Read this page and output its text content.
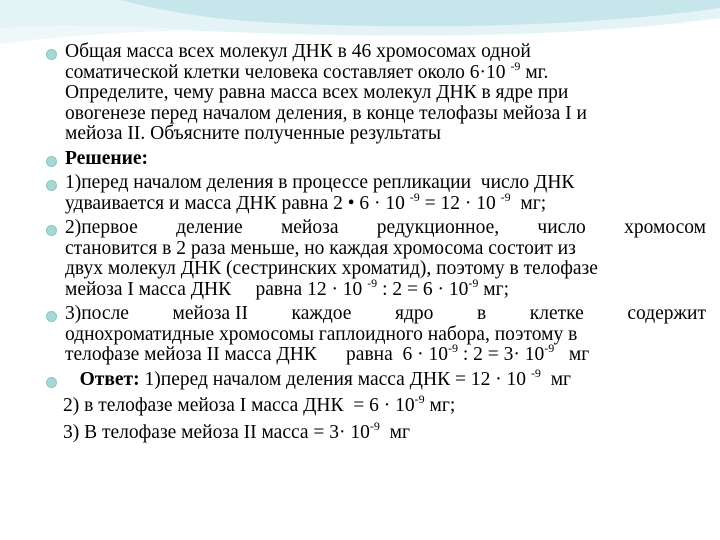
Общая масса всех молекул ДНК в 46 хромосомах одной
соматической клетки человека составляет около 6·10 $^{-9}$ мг.
Определите, чему равна масса всех молекул ДНК в ядре при
овогенезе перед началом деления, в конце телофазы мейоза I и
мейоза II. Объясните полученные результаты
Решение:
1)перед началом деления в процессе репликации  число ДНК
удваивается и масса ДНК равна 2 • 6 · 10 $^{-9}$ = 12 · 10 $^{-9}$  мг;
2)первое деление мейоза редукционное, число хромосом
становится в 2 раза меньше, но каждая хромосома состоит из
двух молекул ДНК (сестринских хроматид), поэтому в телофазе
мейоза I масса ДНК     равна 12 · 10 $^{-9}$ : $2 = 6 \cdot 10^{-9}$ мг;
3)после мейоза II каждое ядро в клетке содержит
однохроматидные хромосомы гаплоидного набора, поэтому в
телофазе мейоза II масса ДНК      равна  $6 \cdot 10^{-9}$ : $2 = 3\cdot 10^{-9}$   мг
Ответ: 1)перед началом деления масса ДНК = 12 · 10 $^{-9}$  мг
2) в телофазе мейоза I масса ДНК  = $6 \cdot 10^{-9}$ мг;
3) В телофазе мейоза II масса = $3\cdot 10^{-9}$  мг
